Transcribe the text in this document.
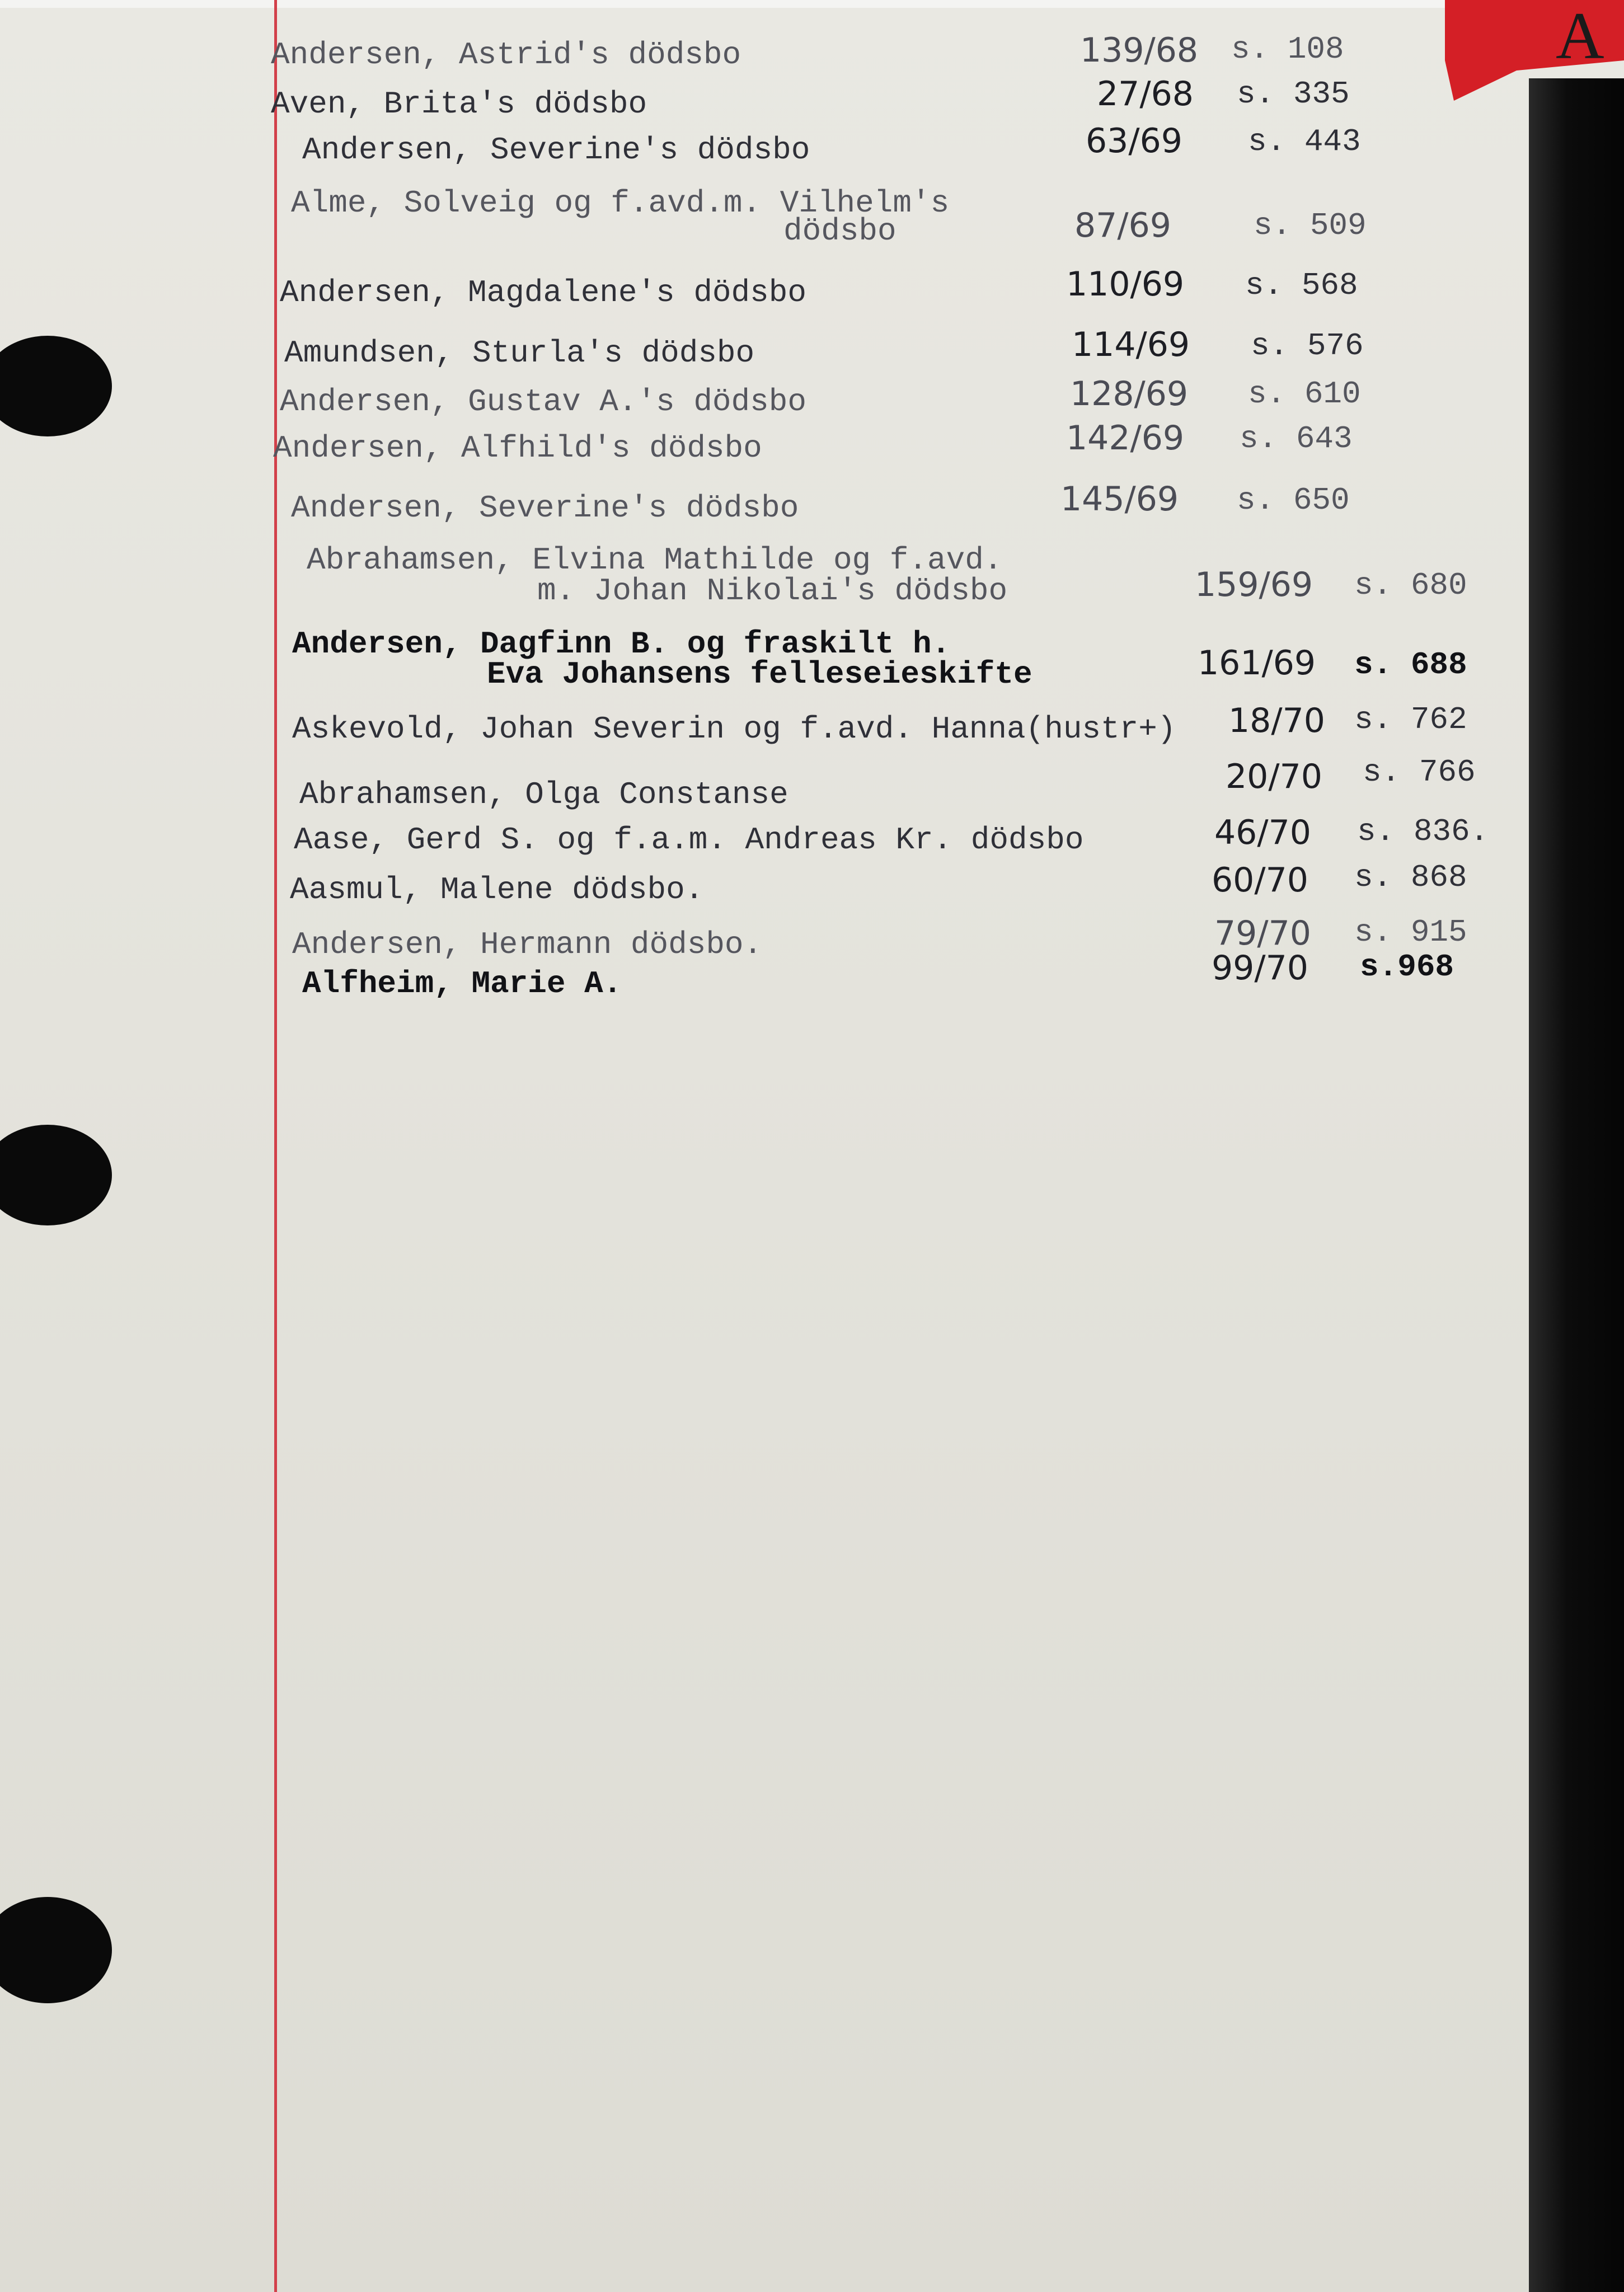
A
Andersen, Astrid's dödsbo	139/68 s. 108
Aven, Brita's dödsbo	27/68 s. 335
Andersen, Severine's dödsbo	63/69 s. 443
Alme, Solveig og f.avd.m. Vilhelm's
dödsbo	87/69	s. 509
Andersen, Magdalene's dödsbo	110/69 s. 568
Amundsen, Sturla's dödsbo	114/69 s. 576
Andersen, Gustav A.'s dödsbo	128/69 s. 610
Andersen, Alfhild's dödsbo	142/69 s. 643
Andersen, Severine's dödsbo	145/69 s. 650
Abrahamsen, Elvina Mathilde og f.avd.
m. Johan Nikolai's dödsbo	159/69 s. 680
Andersen, Dagfinn B. og fraskilt h.
Eva Johansens felleseieskifte	161/69 s. 688
Askevold, Johan Severin og f.avd. Hanna(hustr+) 18/70 s. 762
Abrahamsen, Olga Constanse	20/70 s. 766
Aase, Gerd S. og f.a.m. Andreas Kr. dödsbo	46/70 s. 836.
Aasmul, Malene dödsbo.	60/70 s. 868
Andersen, Hermann dödsbo.	79/70 s. 915
Alfheim, Marie A.	99/70 s.968
